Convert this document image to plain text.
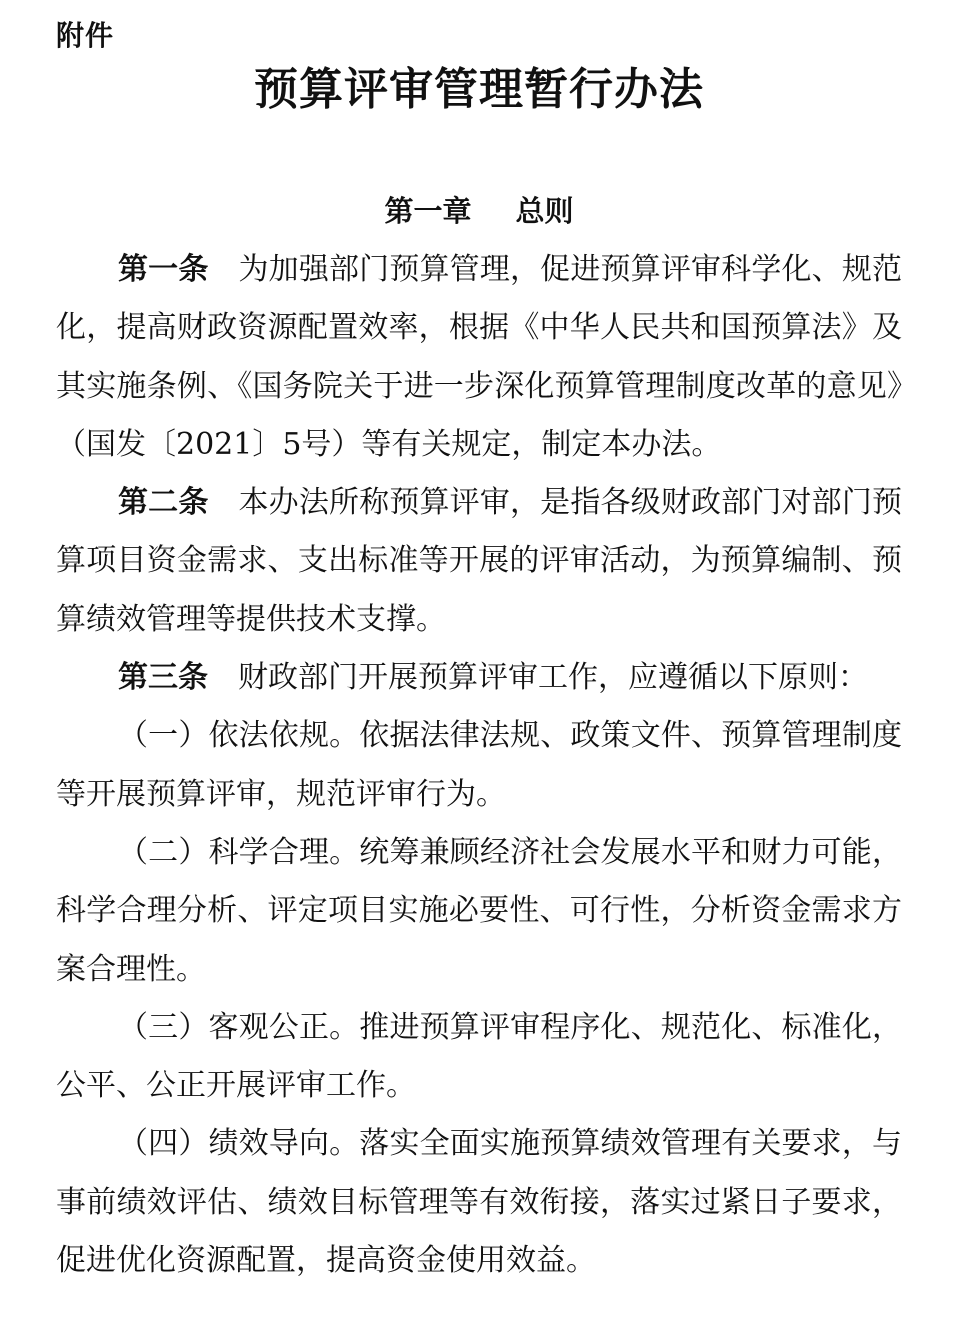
附件
预算评审管理暂行办法
第一章 总则

第一条 为加强部门预算管理，促进预算评审科学化、规范化，提高财政资源配置效率，根据《中华人民共和国预算法》及其实施条例、《国务院关于进一步深化预算管理制度改革的意见》（国发〔2021〕5号）等有关规定，制定本办法。

第二条 本办法所称预算评审，是指各级财政部门对部门预算项目资金需求、支出标准等开展的评审活动，为预算编制、预算绩效管理等提供技术支撑。

第三条 财政部门开展预算评审工作，应遵循以下原则：

（一）依法依规。依据法律法规、政策文件、预算管理制度等开展预算评审，规范评审行为。

（二）科学合理。统筹兼顾经济社会发展水平和财力可能，科学合理分析、评定项目实施必要性、可行性，分析资金需求方案合理性。

（三）客观公正。推进预算评审程序化、规范化、标准化，公平、公正开展评审工作。

（四）绩效导向。落实全面实施预算绩效管理有关要求，与事前绩效评估、绩效目标管理等有效衔接，落实过紧日子要求，促进优化资源配置，提高资金使用效益。
